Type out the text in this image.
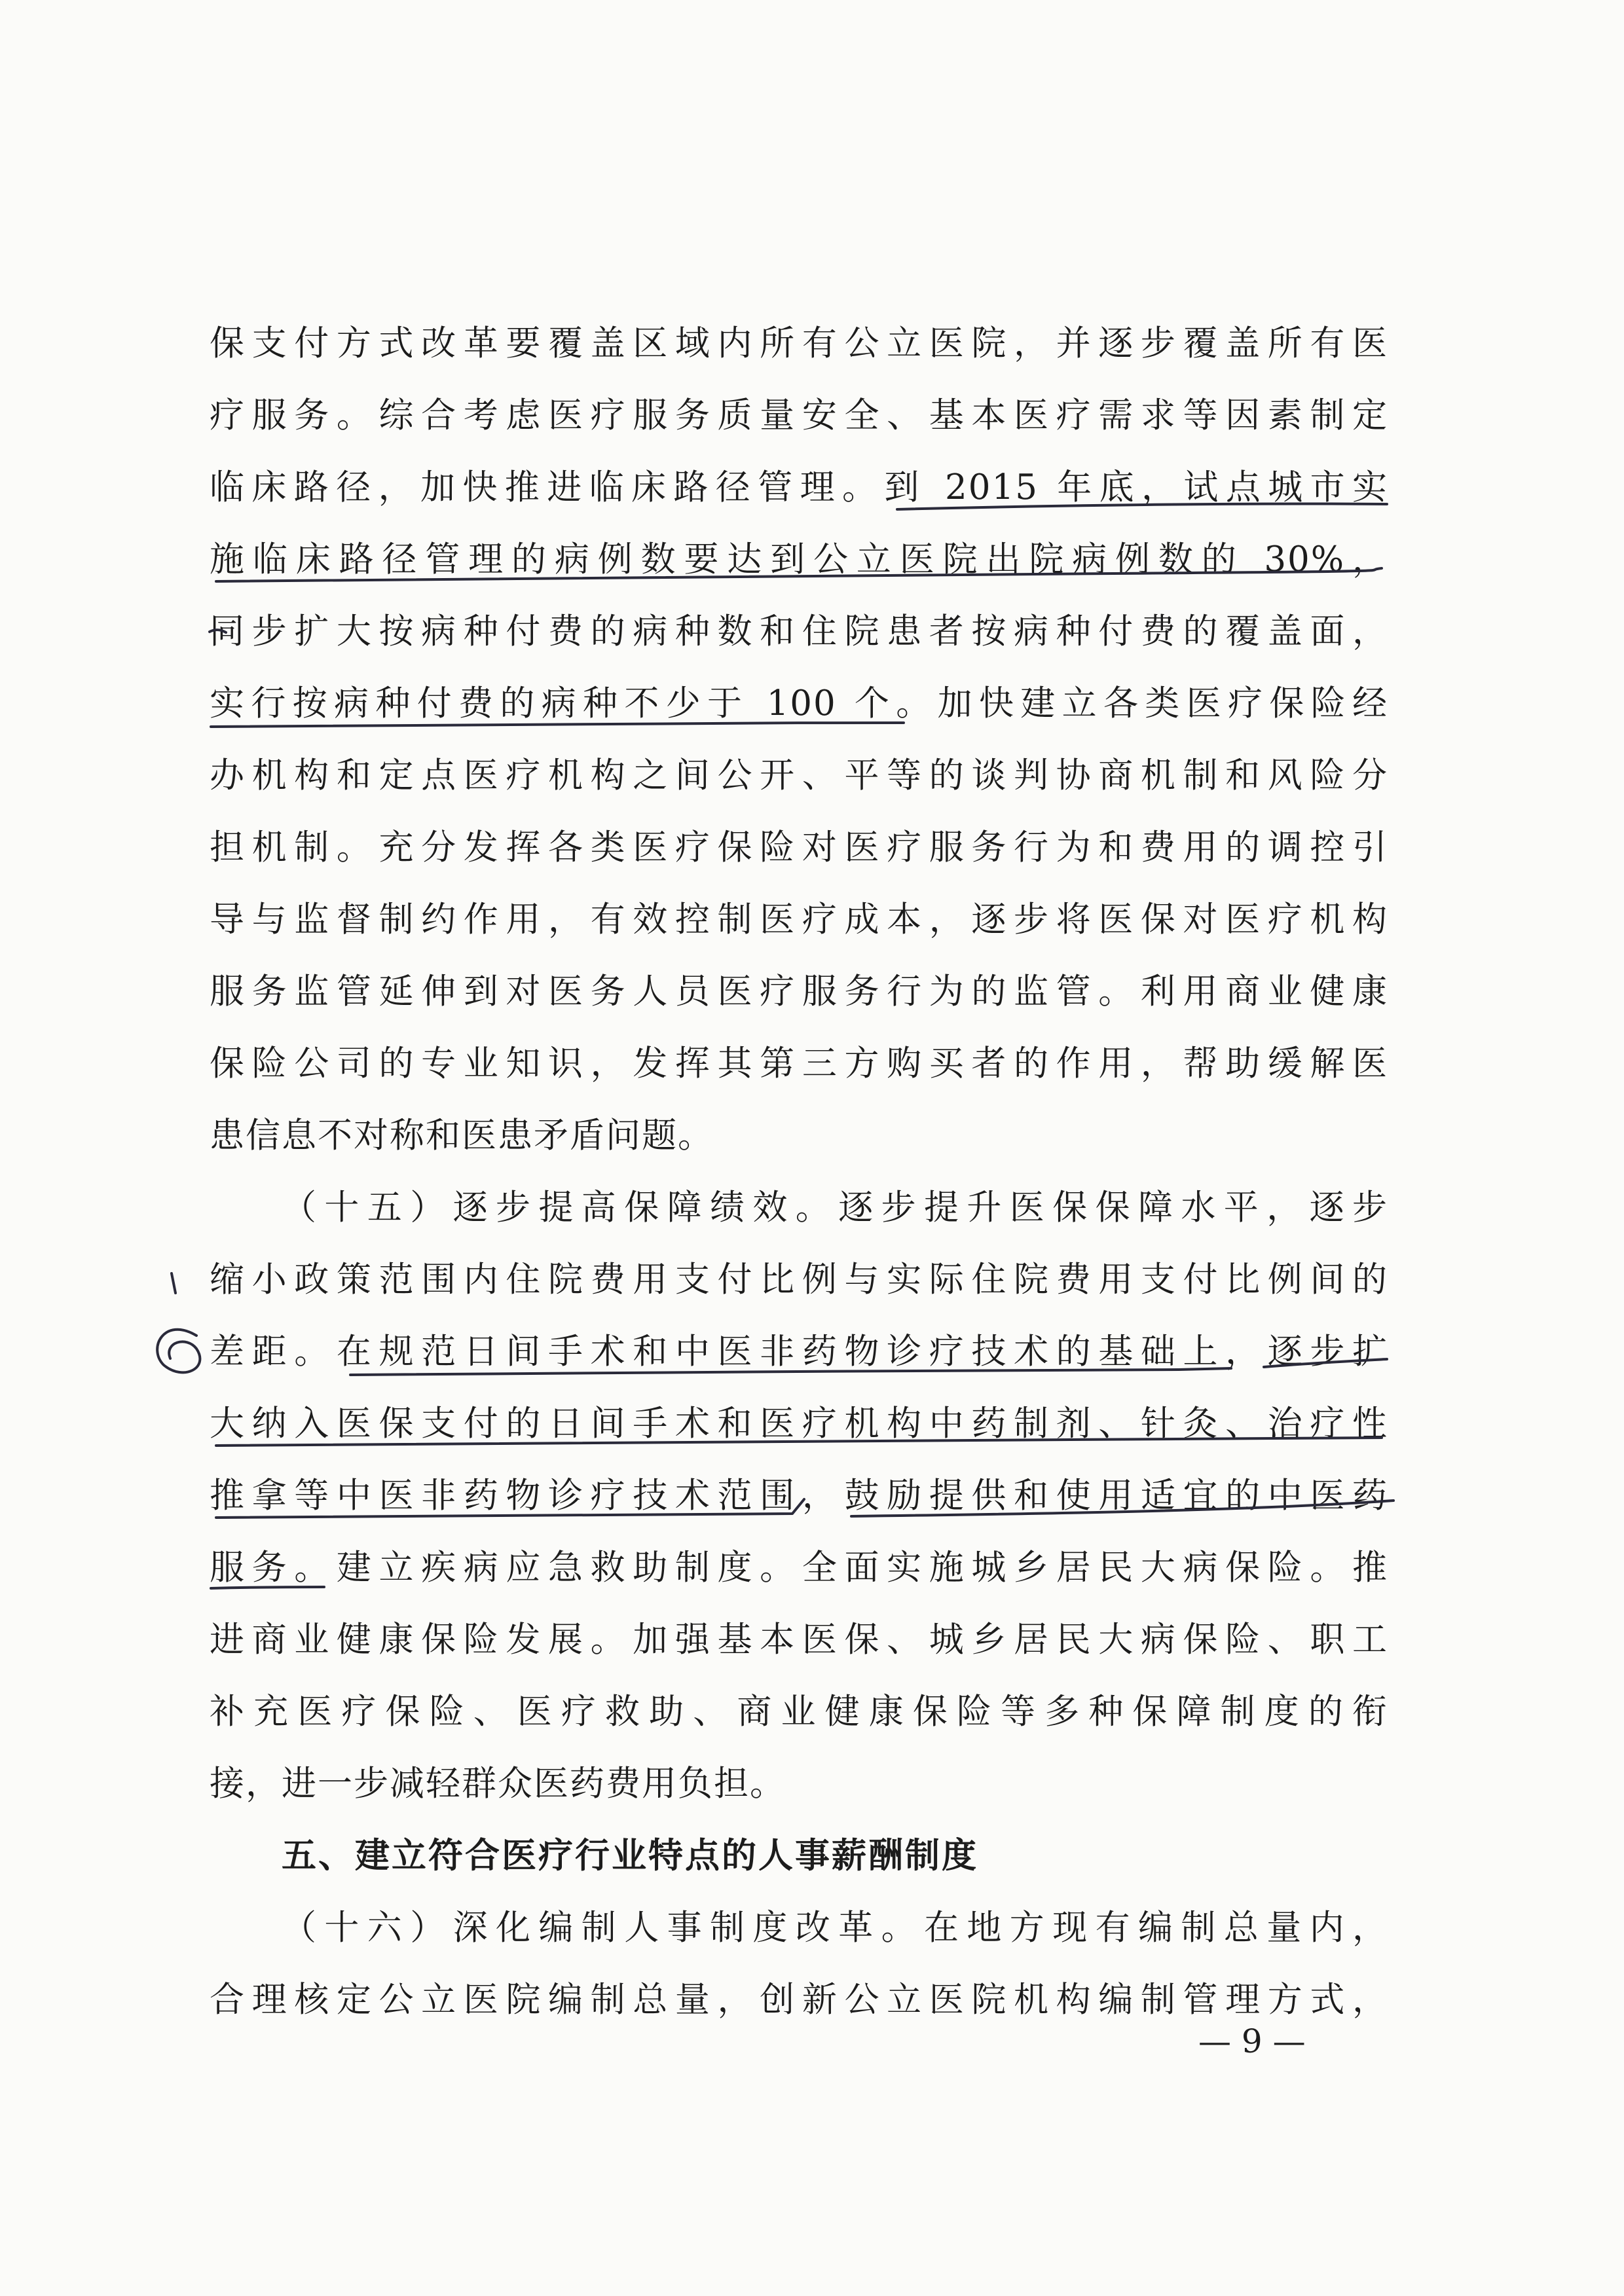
保支付方式改革要覆盖区域内所有公立医院，并逐步覆盖所有医
疗服务。综合考虑医疗服务质量安全、基本医疗需求等因素制定
临床路径，加快推进临床路径管理。到 2015 年底，试点城市实
施临床路径管理的病例数要达到公立医院出院病例数的 30%，
同步扩大按病种付费的病种数和住院患者按病种付费的覆盖面，
实行按病种付费的病种不少于 100 个。加快建立各类医疗保险经
办机构和定点医疗机构之间公开、平等的谈判协商机制和风险分
担机制。充分发挥各类医疗保险对医疗服务行为和费用的调控引
导与监督制约作用，有效控制医疗成本，逐步将医保对医疗机构
服务监管延伸到对医务人员医疗服务行为的监管。利用商业健康
保险公司的专业知识，发挥其第三方购买者的作用，帮助缓解医
患信息不对称和医患矛盾问题。
（十五）逐步提高保障绩效。逐步提升医保保障水平，逐步
缩小政策范围内住院费用支付比例与实际住院费用支付比例间的
差距。在规范日间手术和中医非药物诊疗技术的基础上，逐步扩
大纳入医保支付的日间手术和医疗机构中药制剂、针灸、治疗性
推拿等中医非药物诊疗技术范围，鼓励提供和使用适宜的中医药
服务。建立疾病应急救助制度。全面实施城乡居民大病保险。推
进商业健康保险发展。加强基本医保、城乡居民大病保险、职工
补充医疗保险、医疗救助、商业健康保险等多种保障制度的衔
接，进一步减轻群众医药费用负担。
五、建立符合医疗行业特点的人事薪酬制度
（十六）深化编制人事制度改革。在地方现有编制总量内，
合理核定公立医院编制总量，创新公立医院机构编制管理方式，
— 9 —
